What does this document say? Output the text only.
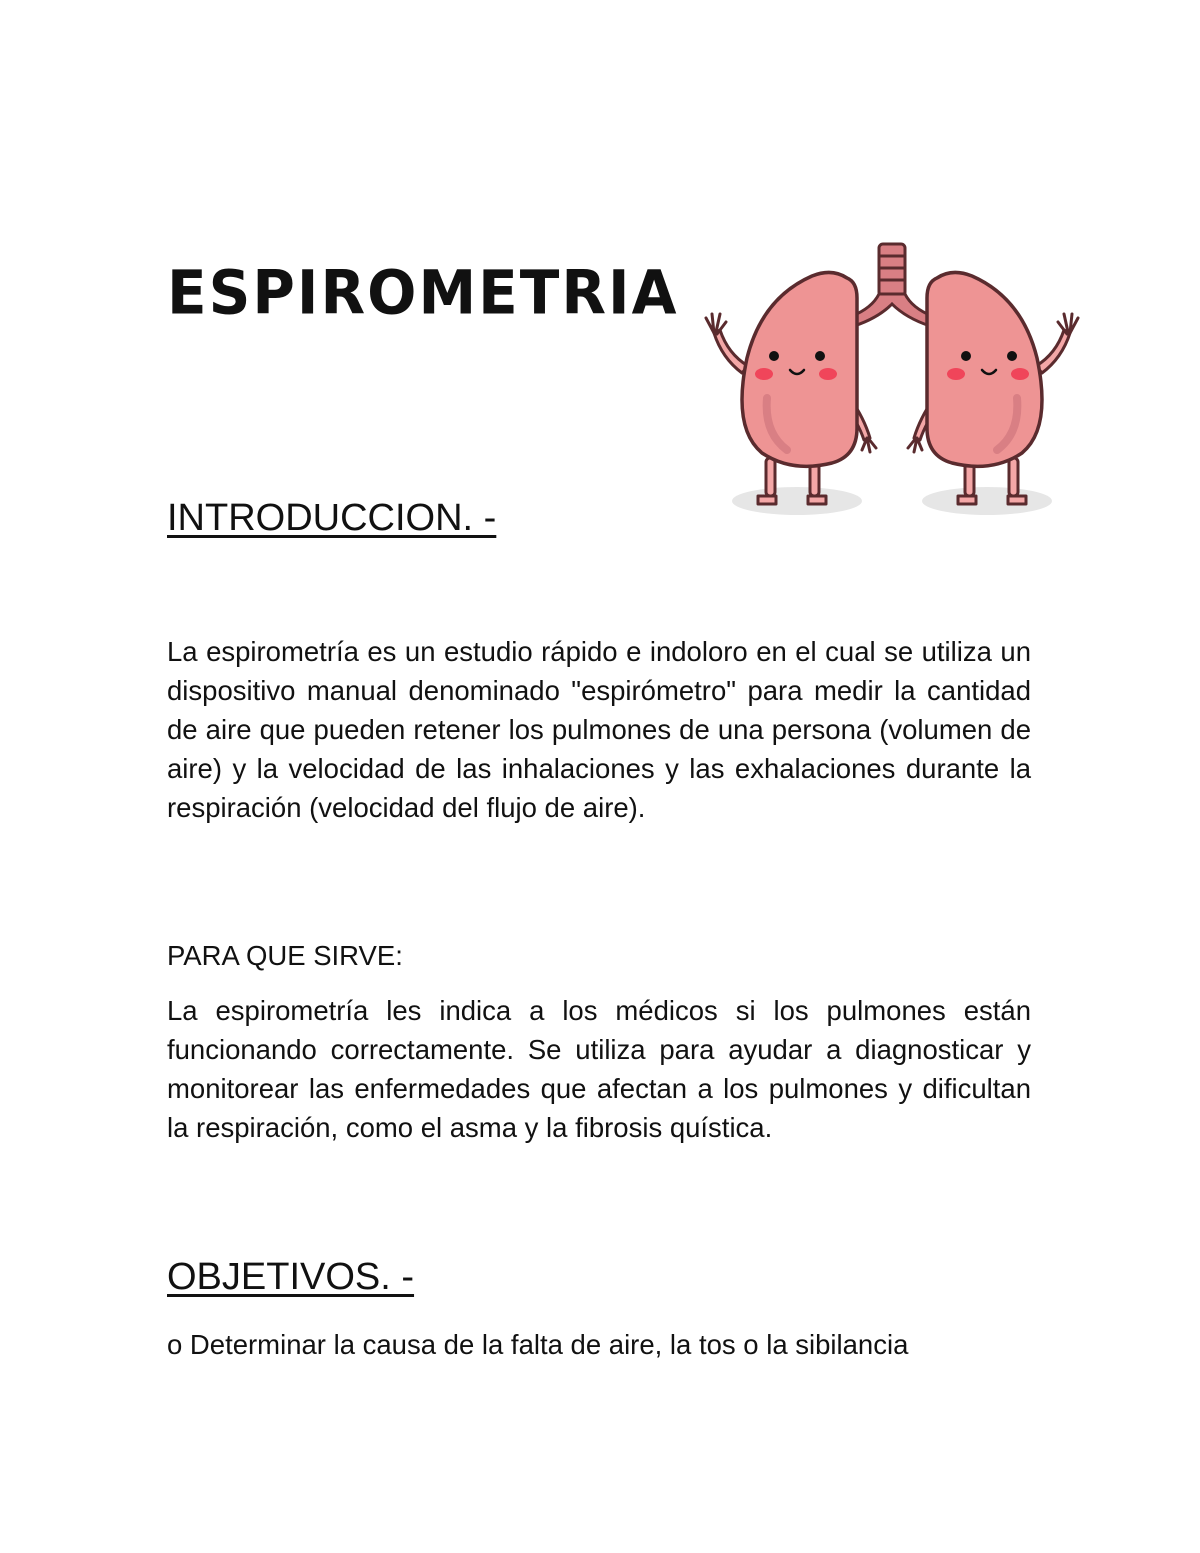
ESPIROMETRIA
INTRODUCCION. -

La espirometría es un estudio rápido e indoloro en el cual se utiliza un dispositivo manual denominado "espirómetro" para medir la cantidad de aire que pueden retener los pulmones de una persona (volumen de aire) y la velocidad de las inhalaciones y las exhalaciones durante la respiración (velocidad del flujo de aire).

PARA QUE SIRVE:

La espirometría les indica a los médicos si los pulmones están funcionando correctamente. Se utiliza para ayudar a diagnosticar y monitorear las enfermedades que afectan a los pulmones y dificultan la respiración, como el asma y la fibrosis quística.

OBJETIVOS. -

o Determinar la causa de la falta de aire, la tos o la sibilancia
